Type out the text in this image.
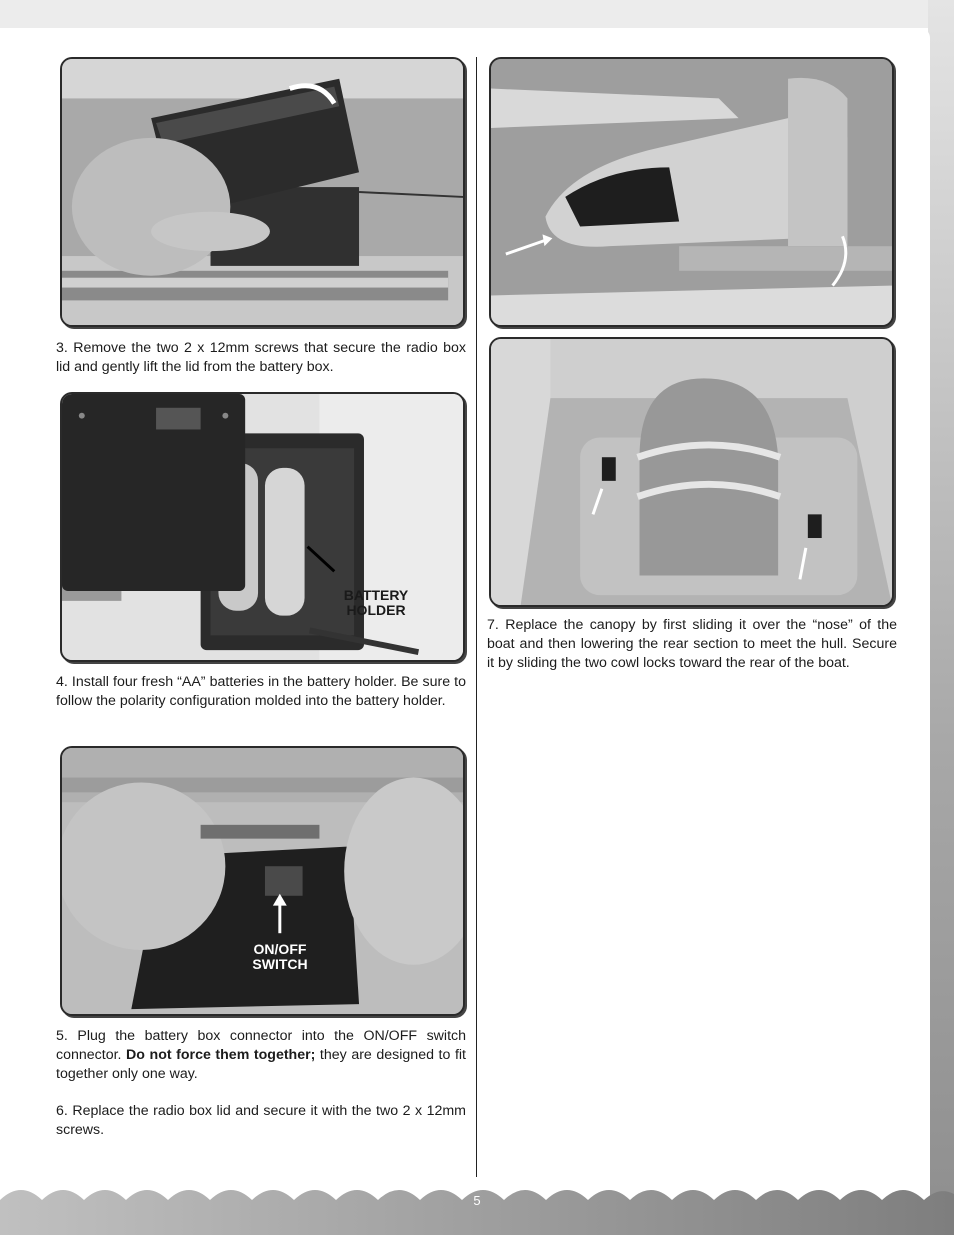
3. Remove the two 2 x 12mm screws that secure the radio box lid and gently lift the lid from the battery box.
BATTERY
HOLDER
4. Install four fresh “AA” batteries in the battery holder. Be sure to follow the polarity configuration molded into the battery holder.
ON/OFF
SWITCH
5. Plug the battery box connector into the ON/OFF switch connector. Do not force them together; they are designed to fit together only one way.
6. Replace the radio box lid and secure it with the two 2 x 12mm screws.
7. Replace the canopy by first sliding it over the “nose” of the boat and then lowering the rear section to meet the hull. Secure it by sliding the two cowl locks toward the rear of the boat.
5
